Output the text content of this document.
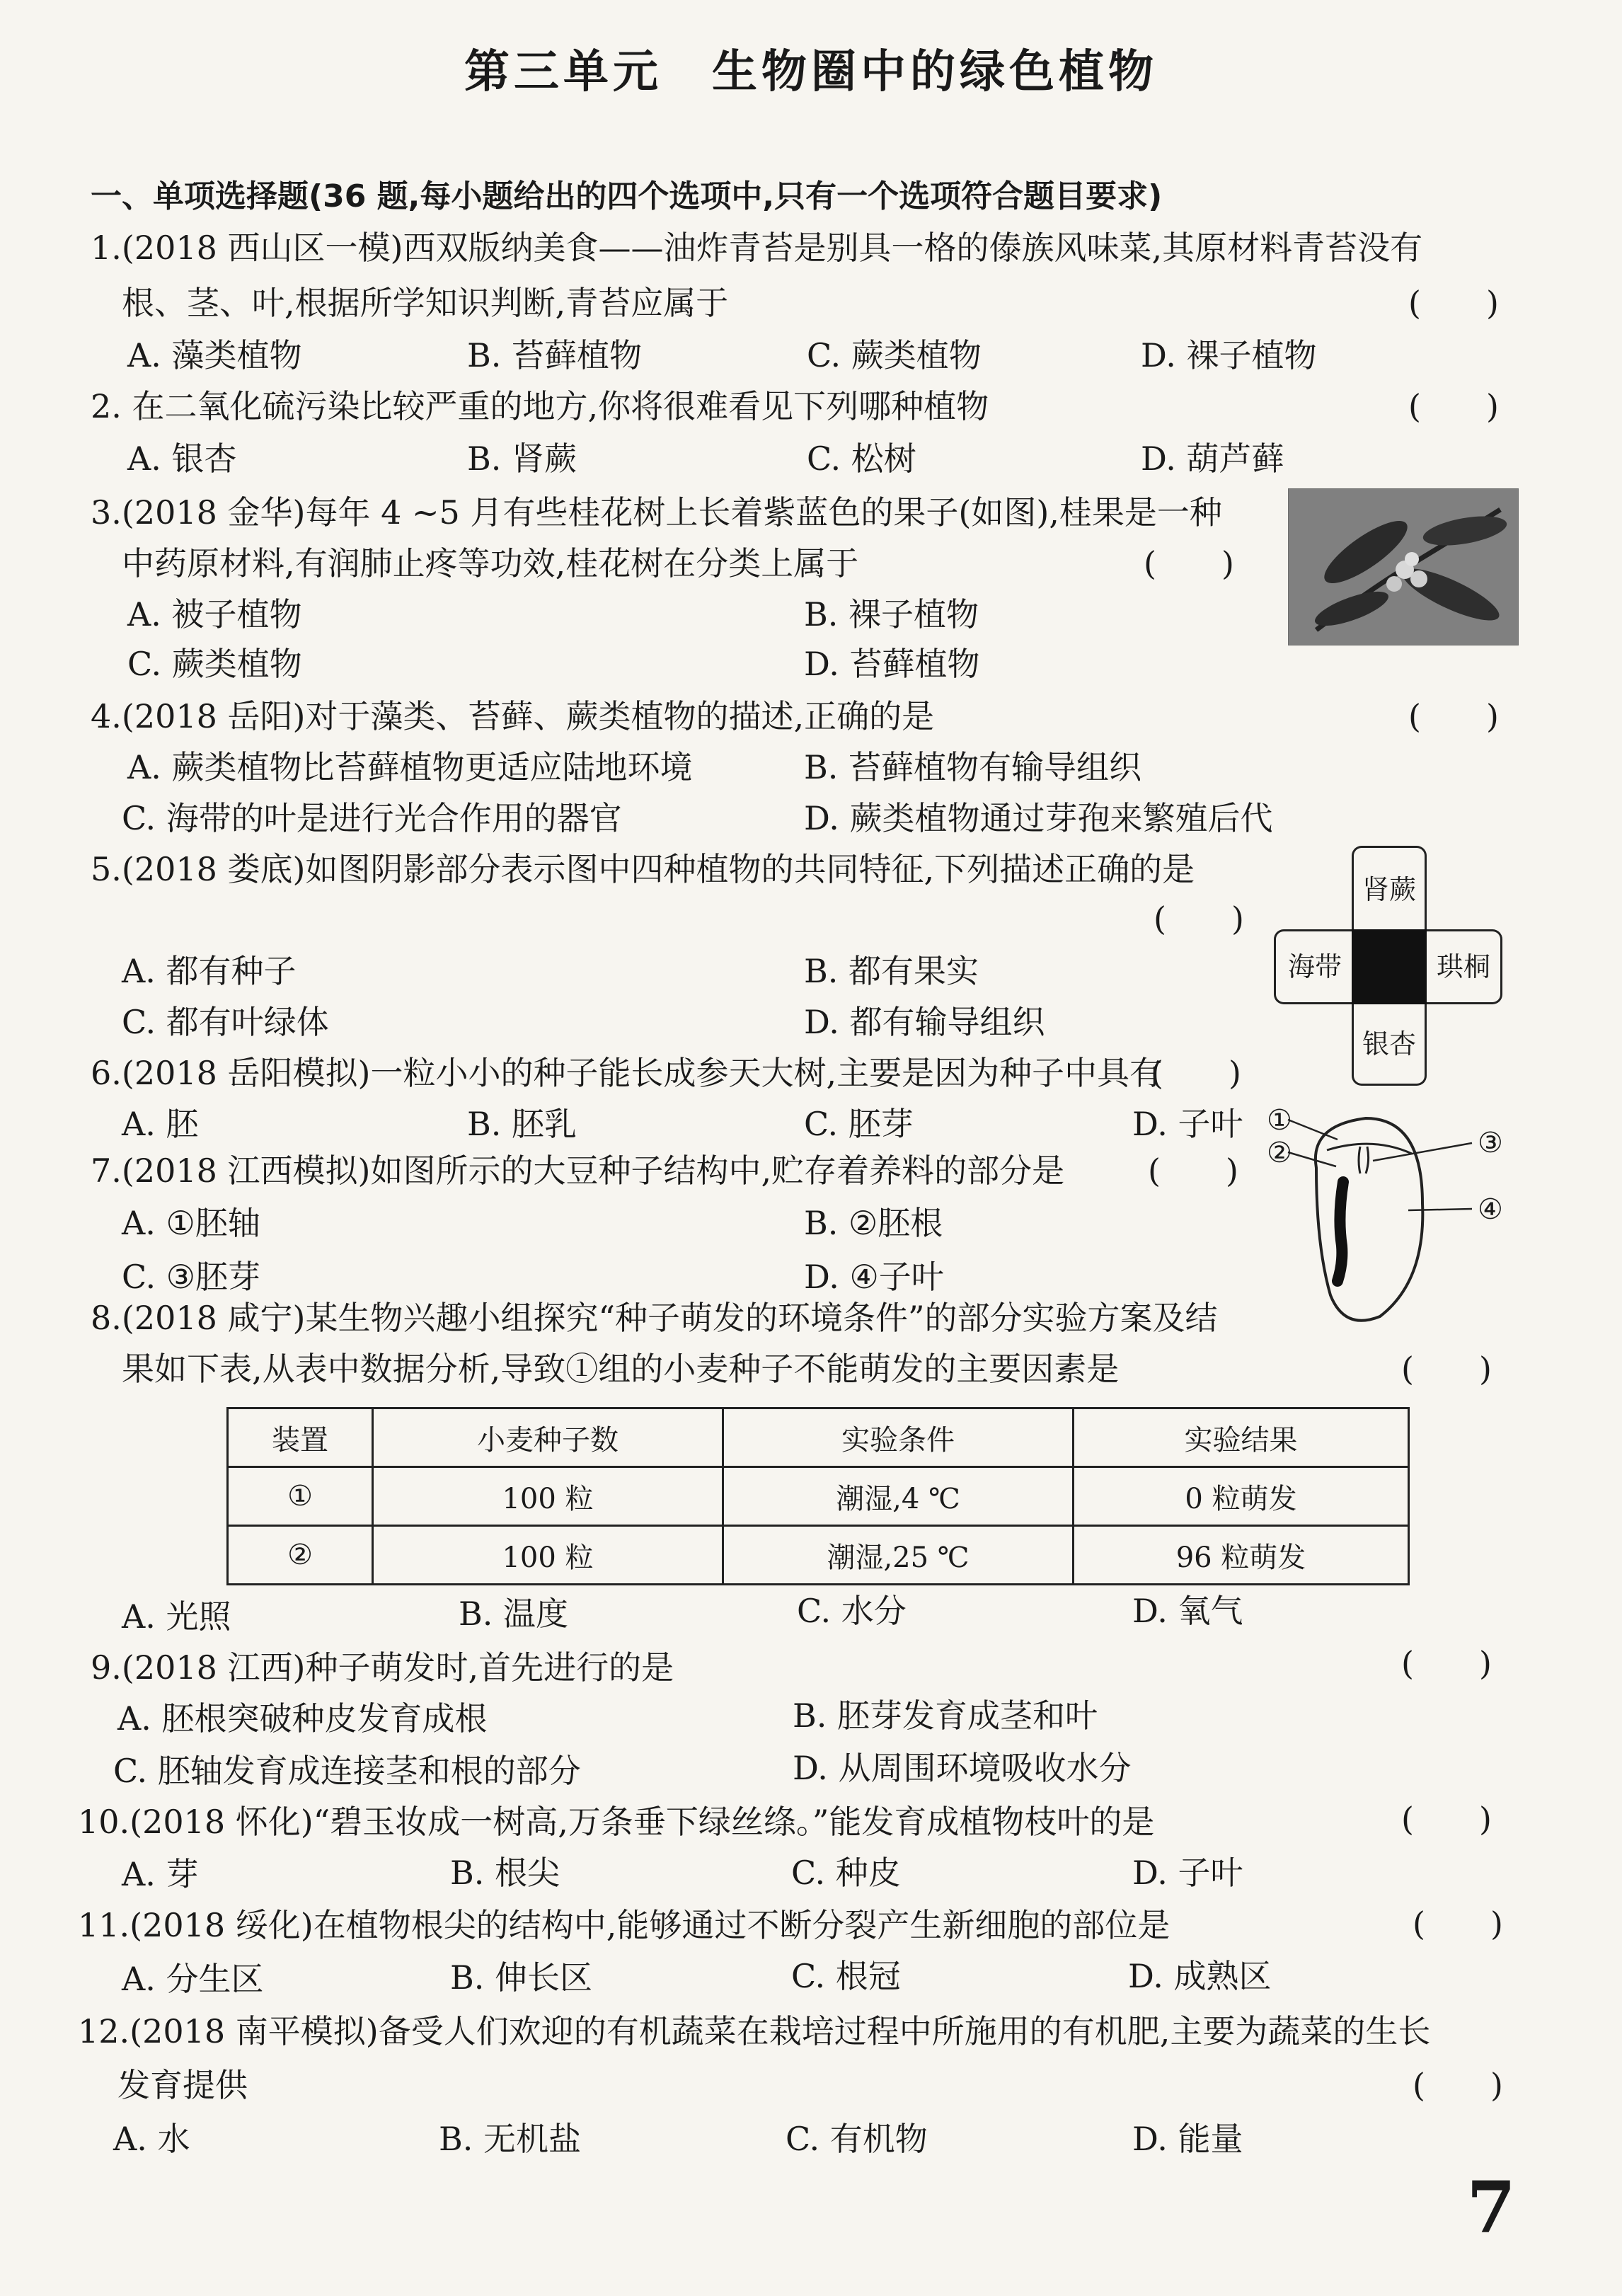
第三单元　生物圈中的绿色植物
一、单项选择题(36 题,每小题给出的四个选项中,只有一个选项符合题目要求)
1.(2018 西山区一模)西双版纳美食——油炸青苔是别具一格的傣族风味菜,其原材料青苔没有
根、茎、叶,根据所学知识判断,青苔应属于	(　　)
A. 藻类植物	B. 苔藓植物	C. 蕨类植物	D. 裸子植物
2. 在二氧化硫污染比较严重的地方,你将很难看见下列哪种植物	(　　)
A. 银杏	B. 肾蕨	C. 松树	D. 葫芦藓
3.(2018 金华)每年 4 ~5 月有些桂花树上长着紫蓝色的果子(如图),桂果是一种
中药原材料,有润肺止疼等功效,桂花树在分类上属于	(　　)
A. 被子植物	B. 裸子植物
C. 蕨类植物	D. 苔藓植物
4.(2018 岳阳)对于藻类、苔藓、蕨类植物的描述,正确的是	(　　)
A. 蕨类植物比苔藓植物更适应陆地环境	B. 苔藓植物有输导组织
C. 海带的叶是进行光合作用的器官	D. 蕨类植物通过芽孢来繁殖后代
5.(2018 娄底)如图阴影部分表示图中四种植物的共同特征,下列描述正确的是
(　　)
A. 都有种子	B. 都有果实
C. 都有叶绿体	D. 都有输导组织
肾蕨
海带	珙桐
银杏
6.(2018 岳阳模拟)一粒小小的种子能长成参天大树,主要是因为种子中具有
(　　)
A. 胚	B. 胚乳	C. 胚芽	D. 子叶
7.(2018 江西模拟)如图所示的大豆种子结构中,贮存着养料的部分是	(　　)
A. ①胚轴	B. ②胚根
C. ③胚芽	D. ④子叶
①
②	③
④
8.(2018 咸宁)某生物兴趣小组探究“种子萌发的环境条件”的部分实验方案及结
果如下表,从表中数据分析,导致①组的小麦种子不能萌发的主要因素是	(　　)
装置	小麦种子数	实验条件	实验结果
①	100 粒	潮湿,4 ℃	0 粒萌发
②	100 粒	潮湿,25 ℃	96 粒萌发
A. 光照	B. 温度	C. 水分	D. 氧气
9.(2018 江西)种子萌发时,首先进行的是	(　　)
A. 胚根突破种皮发育成根	B. 胚芽发育成茎和叶
C. 胚轴发育成连接茎和根的部分	D. 从周围环境吸收水分
10.(2018 怀化)“碧玉妆成一树高,万条垂下绿丝绦。”能发育成植物枝叶的是	(　　)
A. 芽	B. 根尖	C. 种皮	D. 子叶
11.(2018 绥化)在植物根尖的结构中,能够通过不断分裂产生新细胞的部位是	(　　)
A. 分生区	B. 伸长区	C. 根冠	D. 成熟区
12.(2018 南平模拟)备受人们欢迎的有机蔬菜在栽培过程中所施用的有机肥,主要为蔬菜的生长
发育提供	(　　)
A. 水	B. 无机盐	C. 有机物	D. 能量
7
